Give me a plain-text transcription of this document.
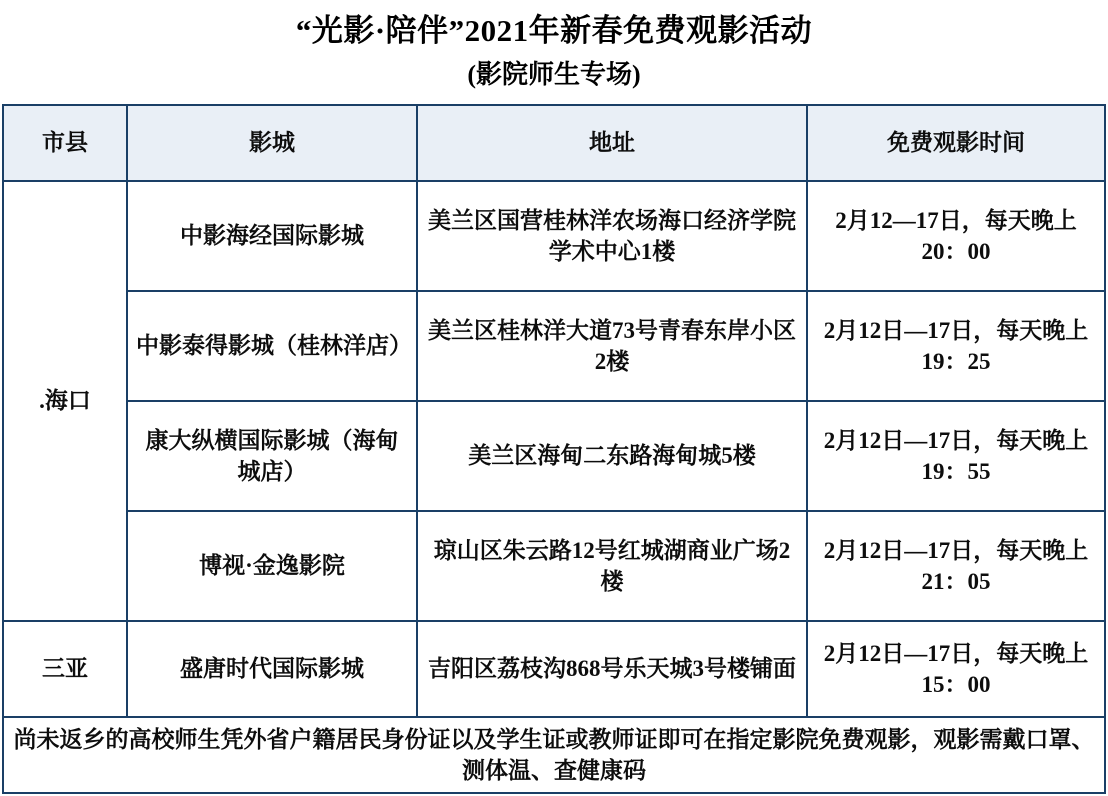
“光影·陪伴”2021年新春免费观影活动
(影院师生专场)
市县	影城	地址	免费观影时间
.海口	中影海经国际影城	美兰区国营桂林洋农场海口经济学院学术中心1楼	2月12—17日，每天晚上20：00
	中影泰得影城（桂林洋店）	美兰区桂林洋大道73号青春东岸小区2楼	2月12日—17日，每天晚上19：25
	康大纵横国际影城（海甸城店）	美兰区海甸二东路海甸城5楼	2月12日—17日，每天晚上19：55
	博视·金逸影院	琼山区朱云路12号红城湖商业广场2楼	2月12日—17日，每天晚上21：05
三亚	盛唐时代国际影城	吉阳区荔枝沟868号乐天城3号楼铺面	2月12日—17日，每天晚上15：00
尚未返乡的高校师生凭外省户籍居民身份证以及学生证或教师证即可在指定影院免费观影，观影需戴口罩、测体温、查健康码			
